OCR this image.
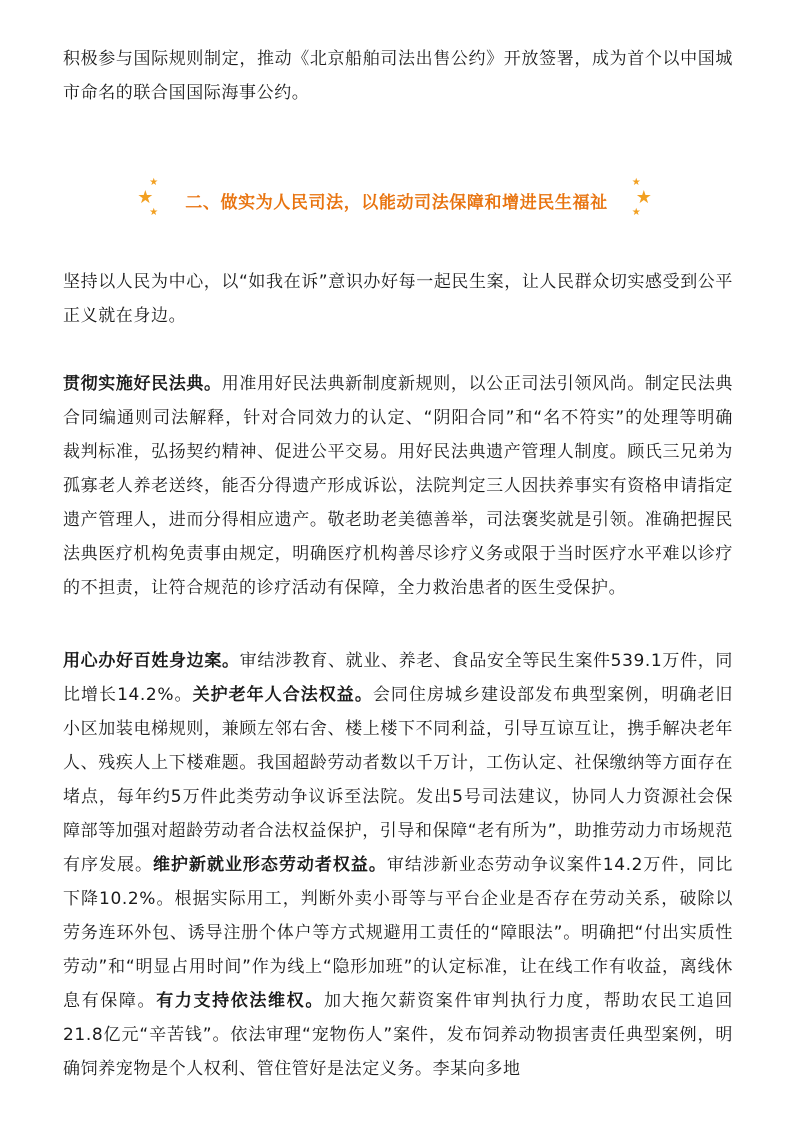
积极参与国际规则制定，推动《北京船舶司法出售公约》开放签署，成为首个以中国城市命名的联合国国际海事公约。

★
★
★ 二、做实为人民司法，以能动司法保障和增进民生福祉
★
★
★

坚持以人民为中心，以“如我在诉”意识办好每一起民生案，让人民群众切实感受到公平正义就在身边。

贯彻实施好民法典。用准用好民法典新制度新规则，以公正司法引领风尚。制定民法典合同编通则司法解释，针对合同效力的认定、“阴阳合同”和“名不符实”的处理等明确裁判标准，弘扬契约精神、促进公平交易。用好民法典遗产管理人制度。顾氏三兄弟为孤寡老人养老送终，能否分得遗产形成诉讼，法院判定三人因扶养事实有资格申请指定遗产管理人，进而分得相应遗产。敬老助老美德善举，司法褒奖就是引领。准确把握民法典医疗机构免责事由规定，明确医疗机构善尽诊疗义务或限于当时医疗水平难以诊疗的不担责，让符合规范的诊疗活动有保障，全力救治患者的医生受保护。

用心办好百姓身边案。审结涉教育、就业、养老、食品安全等民生案件539.1万件，同比增长14.2%。关护老年人合法权益。会同住房城乡建设部发布典型案例，明确老旧小区加装电梯规则，兼顾左邻右舍、楼上楼下不同利益，引导互谅互让，携手解决老年人、残疾人上下楼难题。我国超龄劳动者数以千万计，工伤认定、社保缴纳等方面存在堵点，每年约5万件此类劳动争议诉至法院。发出5号司法建议，协同人力资源社会保障部等加强对超龄劳动者合法权益保护，引导和保障“老有所为”，助推劳动力市场规范有序发展。维护新就业形态劳动者权益。审结涉新业态劳动争议案件14.2万件，同比下降10.2%。根据实际用工，判断外卖小哥等与平台企业是否存在劳动关系，破除以劳务连环外包、诱导注册个体户等方式规避用工责任的“障眼法”。明确把“付出实质性劳动”和“明显占用时间”作为线上“隐形加班”的认定标准，让在线工作有收益，离线休息有保障。有力支持依法维权。加大拖欠薪资案件审判执行力度，帮助农民工追回21.8亿元“辛苦钱”。依法审理“宠物伤人”案件，发布饲养动物损害责任典型案例，明确饲养宠物是个人权利、管住管好是法定义务。李某向多地
